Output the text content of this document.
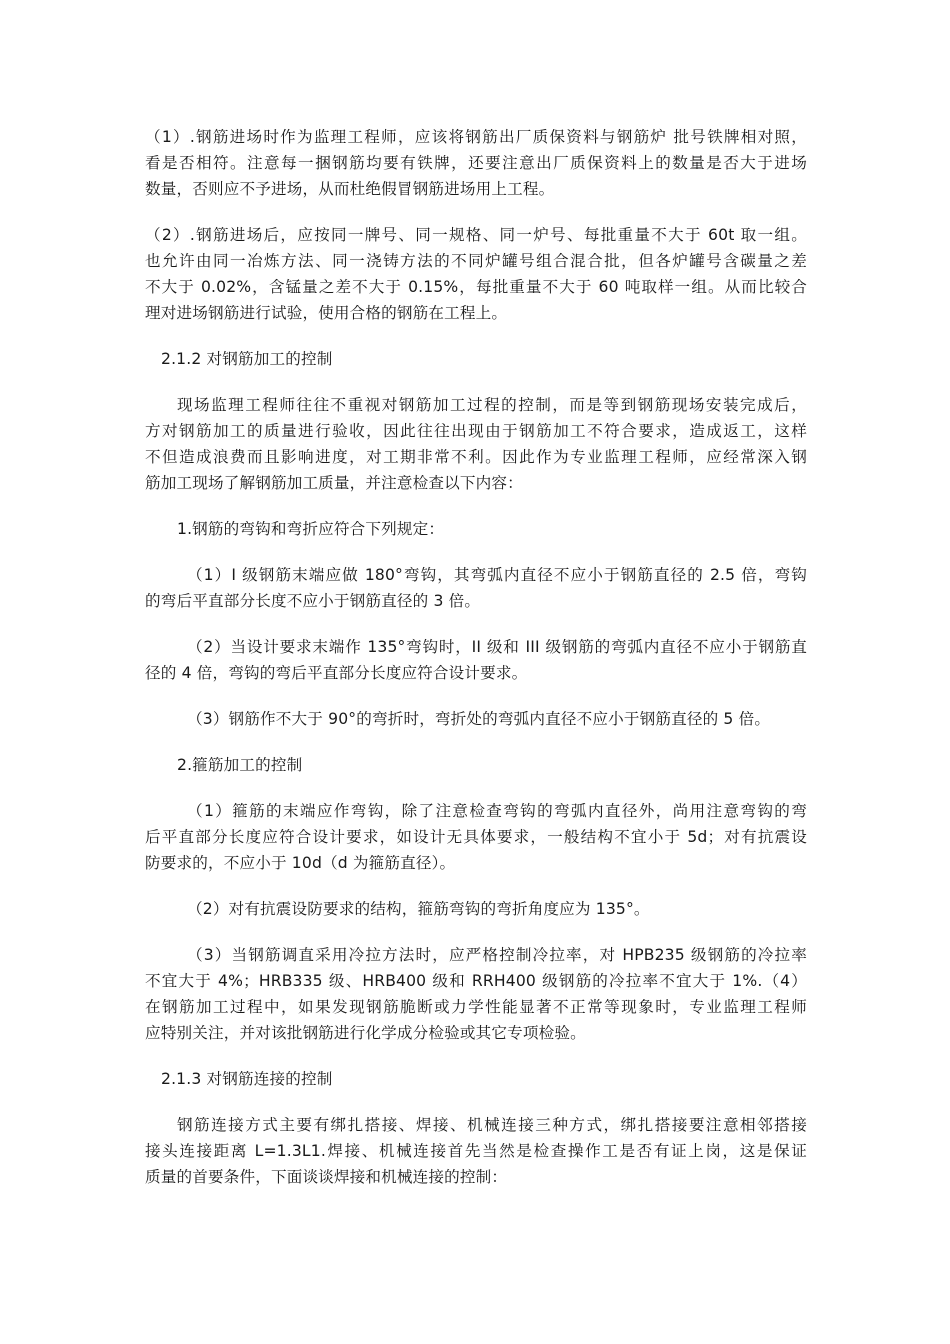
（1）.钢筋进场时作为监理工程师，应该将钢筋出厂质保资料与钢筋炉 批号铁牌相对照，
看是否相符。注意每一捆钢筋均要有铁牌，还要注意出厂质保资料上的数量是否大于进场
数量，否则应不予进场，从而杜绝假冒钢筋进场用上工程。
（2）.钢筋进场后，应按同一牌号、同一规格、同一炉号、每批重量不大于 60t 取一组。
也允许由同一冶炼方法、同一浇铸方法的不同炉罐号组合混合批，但各炉罐号含碳量之差
不大于 0.02%，含锰量之差不大于 0.15%，每批重量不大于 60 吨取样一组。从而比较合
理对进场钢筋进行试验，使用合格的钢筋在工程上。
2.1.2 对钢筋加工的控制
现场监理工程师往往不重视对钢筋加工过程的控制，而是等到钢筋现场安装完成后，
方对钢筋加工的质量进行验收，因此往往出现由于钢筋加工不符合要求，造成返工，这样
不但造成浪费而且影响进度，对工期非常不利。因此作为专业监理工程师，应经常深入钢
筋加工现场了解钢筋加工质量，并注意检查以下内容：
1.钢筋的弯钩和弯折应符合下列规定：
（1）I 级钢筋末端应做 180°弯钩，其弯弧内直径不应小于钢筋直径的 2.5 倍，弯钩
的弯后平直部分长度不应小于钢筋直径的 3 倍。
（2）当设计要求末端作 135°弯钩时，II 级和 III 级钢筋的弯弧内直径不应小于钢筋直
径的 4 倍，弯钩的弯后平直部分长度应符合设计要求。
（3）钢筋作不大于 90°的弯折时，弯折处的弯弧内直径不应小于钢筋直径的 5 倍。
2.箍筋加工的控制
（1）箍筋的末端应作弯钩，除了注意检查弯钩的弯弧内直径外，尚用注意弯钩的弯
后平直部分长度应符合设计要求，如设计无具体要求，一般结构不宜小于 5d；对有抗震设
防要求的，不应小于 10d（d 为箍筋直径）。
（2）对有抗震设防要求的结构，箍筋弯钩的弯折角度应为 135°。
（3）当钢筋调直采用冷拉方法时，应严格控制冷拉率，对 HPB235 级钢筋的冷拉率
不宜大于 4%；HRB335 级、HRB400 级和 RRH400 级钢筋的冷拉率不宜大于 1%.（4）
在钢筋加工过程中，如果发现钢筋脆断或力学性能显著不正常等现象时，专业监理工程师
应特别关注，并对该批钢筋进行化学成分检验或其它专项检验。
2.1.3 对钢筋连接的控制
钢筋连接方式主要有绑扎搭接、焊接、机械连接三种方式，绑扎搭接要注意相邻搭接
接头连接距离 L=1.3L1.焊接、机械连接首先当然是检查操作工是否有证上岗，这是保证
质量的首要条件，下面谈谈焊接和机械连接的控制：
